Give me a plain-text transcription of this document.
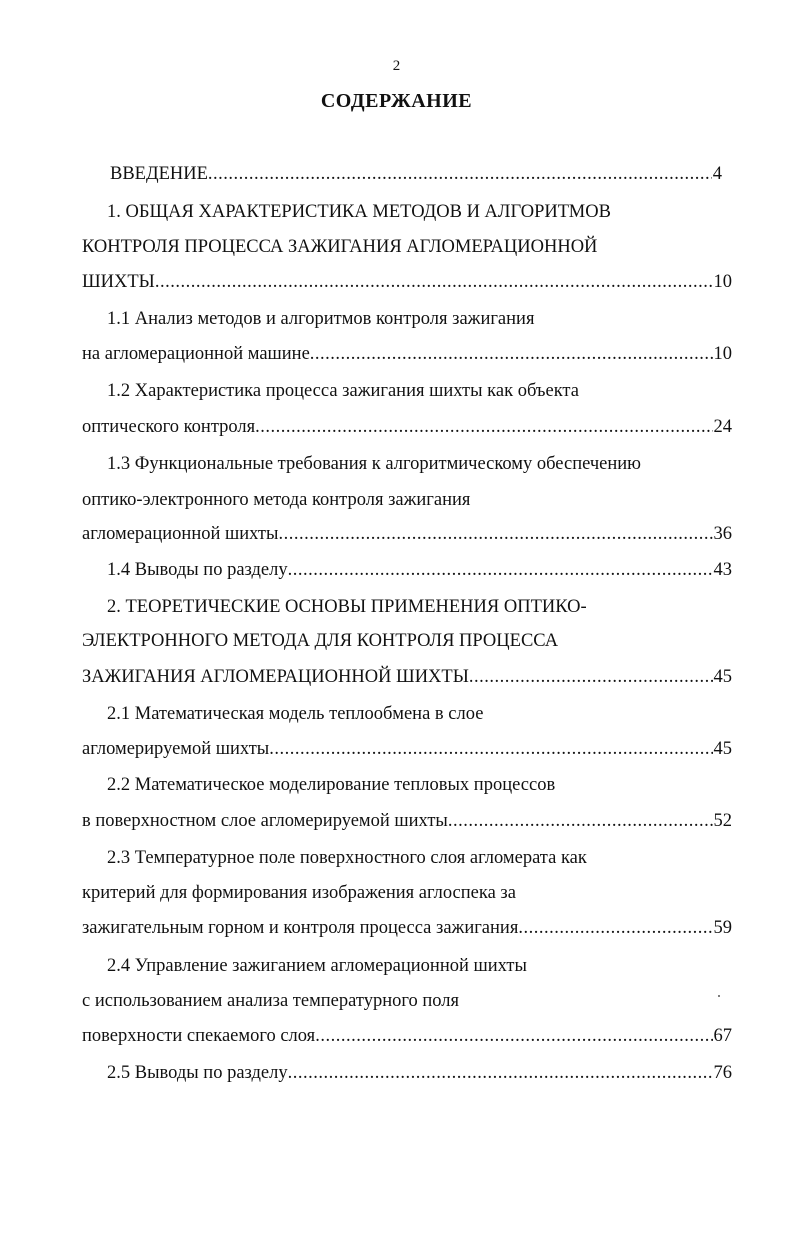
2
СОДЕРЖАНИЕ
ВВЕДЕНИЕ .....	4
1. ОБЩАЯ ХАРАКТЕРИСТИКА МЕТОДОВ И АЛГОРИТМОВ
КОНТРОЛЯ ПРОЦЕССА ЗАЖИГАНИЯ АГЛОМЕРАЦИОННОЙ
ШИХТЫ .....	10
1.1 Анализ методов и алгоритмов контроля зажигания
на агломерационной машине .....	10
1.2 Характеристика процесса зажигания шихты как объекта
оптического контроля .....	24
1.3 Функциональные требования к алгоритмическому обеспечению
оптико-электронного метода контроля зажигания
агломерационной шихты .....	36
1.4 Выводы по разделу .....	43
2. ТЕОРЕТИЧЕСКИЕ ОСНОВЫ ПРИМЕНЕНИЯ ОПТИКО-
ЭЛЕКТРОННОГО МЕТОДА ДЛЯ КОНТРОЛЯ ПРОЦЕССА
ЗАЖИГАНИЯ АГЛОМЕРАЦИОННОЙ ШИХТЫ .....	45
2.1 Математическая модель теплообмена в слое
агломерируемой шихты .....	45
2.2 Математическое моделирование тепловых процессов
в поверхностном слое агломерируемой шихты .....	52
2.3 Температурное поле поверхностного слоя агломерата как
критерий для формирования изображения аглоспека за
зажигательным горном и контроля процесса зажигания .....	59
2.4 Управление зажиганием агломерационной шихты
с использованием анализа температурного поля
поверхности спекаемого слоя .....	67
2.5 Выводы по разделу .....	76
